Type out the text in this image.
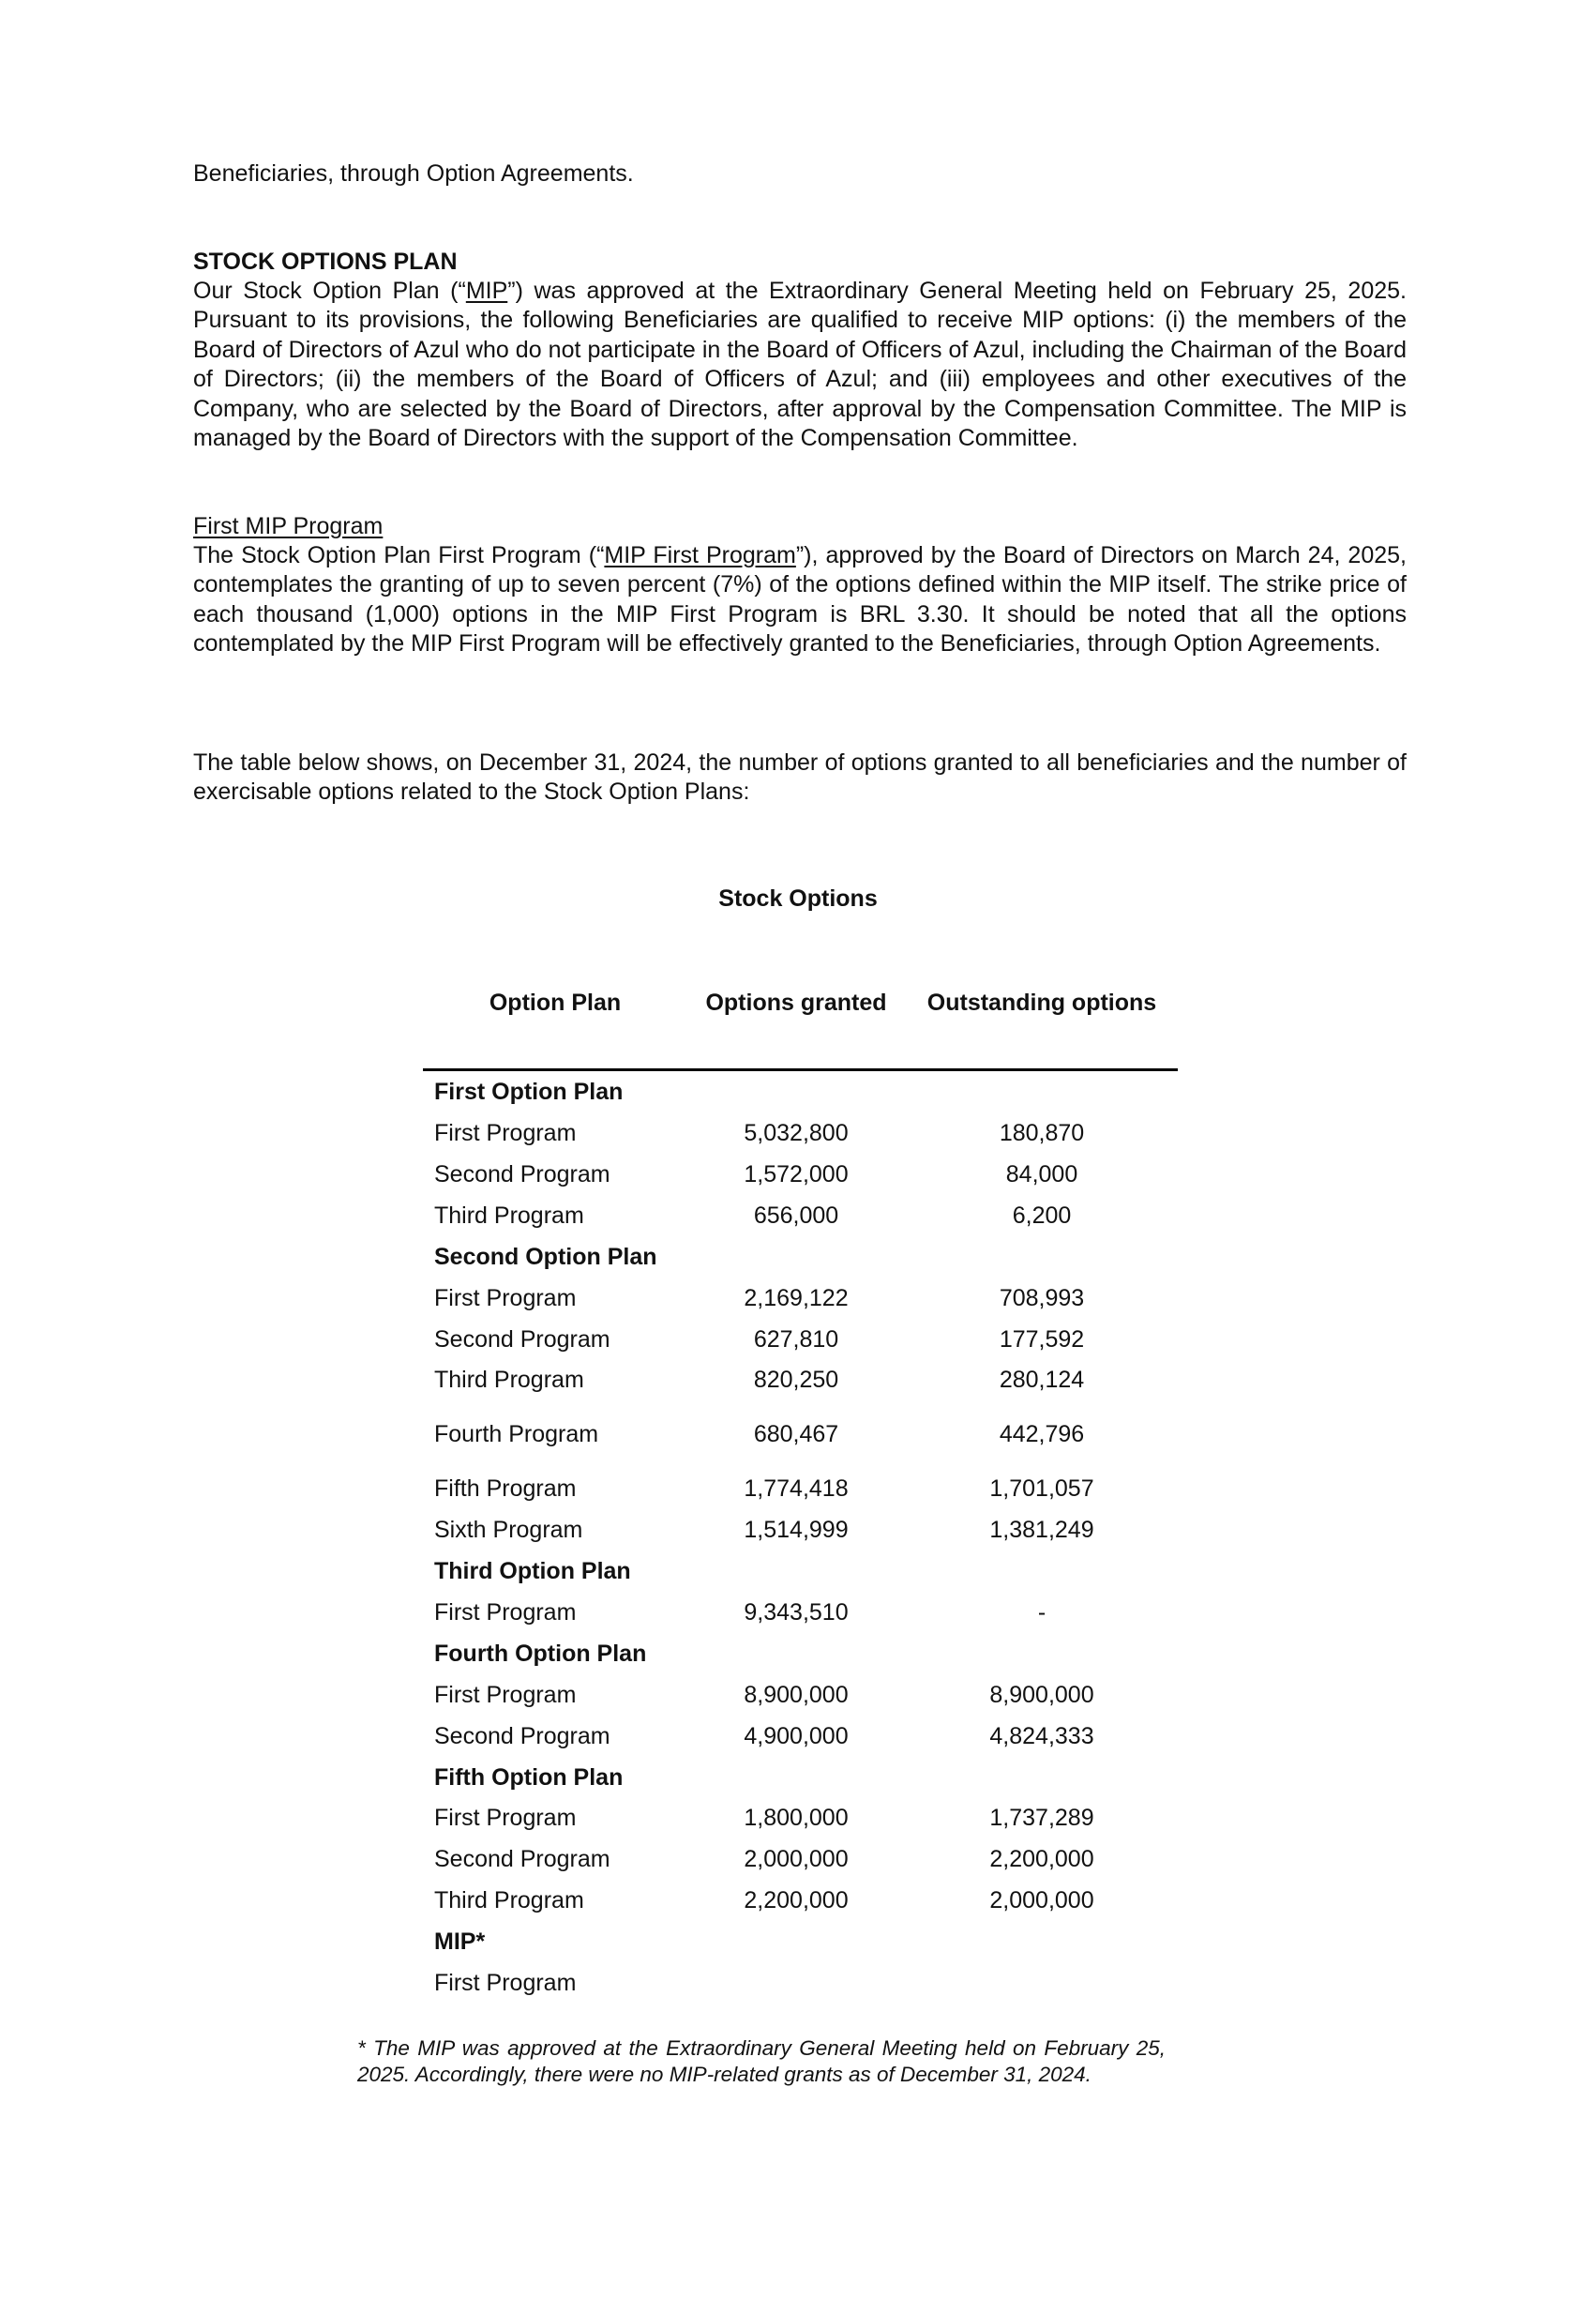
Beneficiaries, through Option Agreements.

STOCK OPTIONS PLAN

Our Stock Option Plan (“MIP”) was approved at the Extraordinary General Meeting held on February 25, 2025. Pursuant to its provisions, the following Beneficiaries are qualified to receive MIP options: (i) the members of the Board of Directors of Azul who do not participate in the Board of Officers of Azul, including the Chairman of the Board of Directors; (ii) the members of the Board of Officers of Azul; and (iii) employees and other executives of the Company, who are selected by the Board of Directors, after approval by the Compensation Committee. The MIP is managed by the Board of Directors with the support of the Compensation Committee.

First MIP Program

The Stock Option Plan First Program (“MIP First Program”), approved by the Board of Directors on March 24, 2025, contemplates the granting of up to seven percent (7%) of the options defined within the MIP itself. The strike price of each thousand (1,000) options in the MIP First Program is BRL 3.30. It should be noted that all the options contemplated by the MIP First Program will be effectively granted to the Beneficiaries, through Option Agreements.

The table below shows, on December 31, 2024, the number of options granted to all beneficiaries and the number of exercisable options related to the Stock Option Plans:

Stock Options
Option Plan	Options granted	Outstanding options
First Option Plan
First Program	5,032,800	180,870
Second Program	1,572,000	84,000
Third Program	656,000	6,200
Second Option Plan
First Program	2,169,122	708,993
Second Program	627,810	177,592
Third Program	820,250	280,124
Fourth Program	680,467	442,796
Fifth Program	1,774,418	1,701,057
Sixth Program	1,514,999	1,381,249
Third Option Plan
First Program	9,343,510	-
Fourth Option Plan
First Program	8,900,000	8,900,000
Second Program	4,900,000	4,824,333
Fifth Option Plan
First Program	1,800,000	1,737,289
Second Program	2,000,000	2,200,000
Third Program	2,200,000	2,000,000
MIP*
First Program

* The MIP was approved at the Extraordinary General Meeting held on February 25, 2025. Accordingly, there were no MIP-related grants as of December 31, 2024.
